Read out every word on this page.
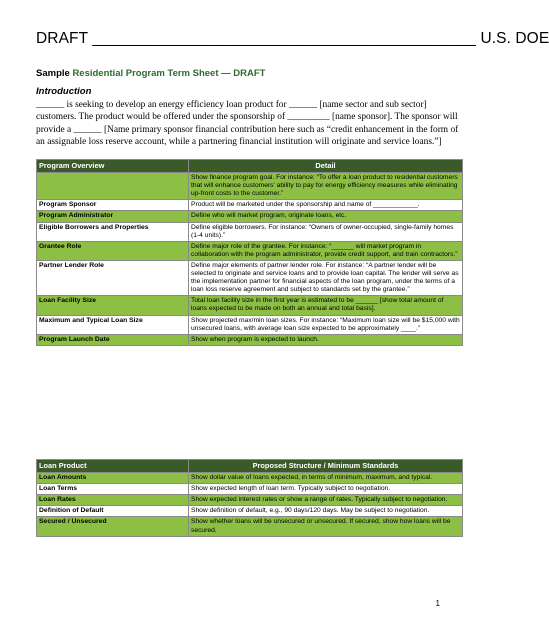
DRAFT ____________________________________________ U.S. DOE
Sample Residential Program Term Sheet — DRAFT
Introduction
______ is seeking to develop an energy efficiency loan product for ______ [name sector and sub sector] customers. The product would be offered under the sponsorship of _________ [name sponsor]. The sponsor will provide a ______ [Name primary sponsor financial contribution here such as “credit enhancement in the form of an assignable loss reserve account, while a partnering financial institution will originate and service loans.”]
Program Overview	Detail
	Show finance program goal. For instance: “To offer a loan product to residential customers that will enhance customers’ ability to pay for energy efficiency measures while eliminating up-front costs to the customer.”
Program Sponsor	Product will be marketed under the sponsorship and name of ____________.
Program Administrator	Define who will market program, originate loans, etc.
Eligible Borrowers and Properties	Define eligible borrowers. For instance: “Owners of owner-occupied, single-family homes (1-4 units).”
Grantee Role	Define major role of the grantee. For instance: “______ will market program in collaboration with the program administrator, provide credit support, and train contractors.”
Partner Lender Role	Define major elements of partner lender role. For instance: “A partner lender will be selected to originate and service loans and to provide loan capital. The lender will serve as the implementation partner for financial aspects of the loan program, under the terms of a loan loss reserve agreement and subject to standards set by the grantee.”
Loan Facility Size	Total loan facility size in the first year is estimated to be ______ [show total amount of loans expected to be made on both an annual and total basis].
Maximum and Typical Loan Size	Show projected max/min loan sizes. For instance: “Maximum loan size will be $15,000 with unsecured loans, with average loan size expected to be approximately ____.”
Program Launch Date	Show when program is expected to launch.
Loan Product	Proposed Structure / Minimum Standards
Loan Amounts	Show dollar value of loans expected, in terms of minimum, maximum, and typical.
Loan Terms	Show expected length of loan term. Typically subject to negotiation.
Loan Rates	Show expected interest rates or show a range of rates. Typically subject to negotiation.
Definition of Default	Show definition of default, e.g., 90 days/120 days. May be subject to negotiation.
Secured / Unsecured	Show whether loans will be unsecured or unsecured. If secured, show how loans will be secured.
1
